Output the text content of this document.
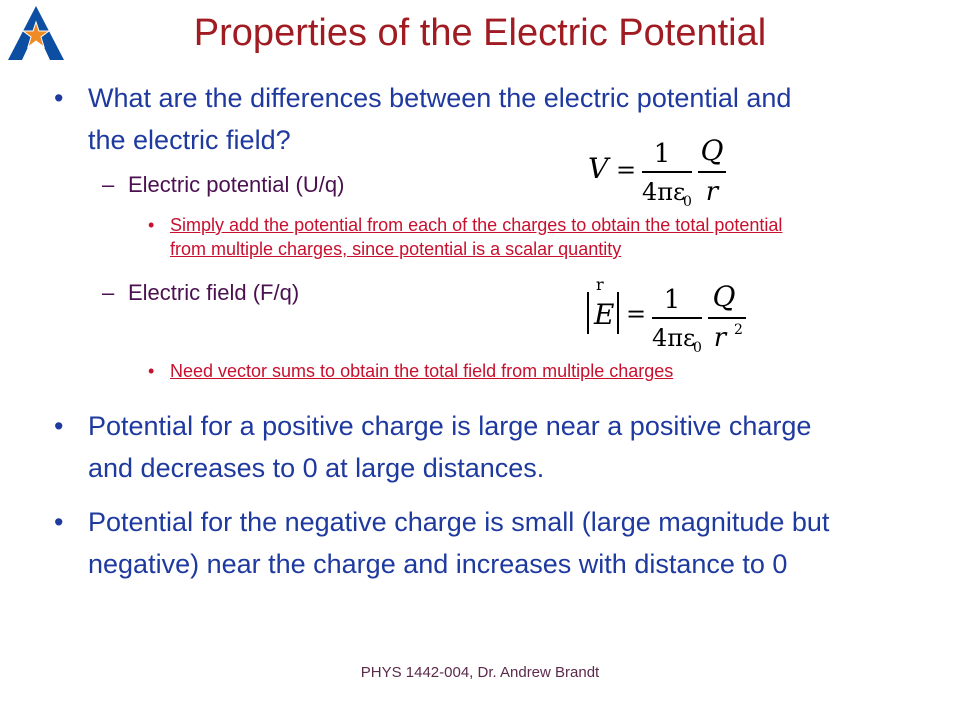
Properties of the Electric Potential
• What are the differences between the electric potential and
the electric field?
– Electric potential (U/q)
• Simply add the potential from each of the charges to obtain the total potential
from multiple charges, since potential is a scalar quantity
– Electric field (F/q)
• Need vector sums to obtain the total field from multiple charges
• Potential for a positive charge is large near a positive charge
and decreases to 0 at large distances.
• Potential for the negative charge is small (large magnitude but
negative) near the charge and increases with distance to 0
V =
1
4πε
0
Q
r
r
E = 1
4πε
0
Q
r 2
PHYS 1442-004, Dr. Andrew Brandt
